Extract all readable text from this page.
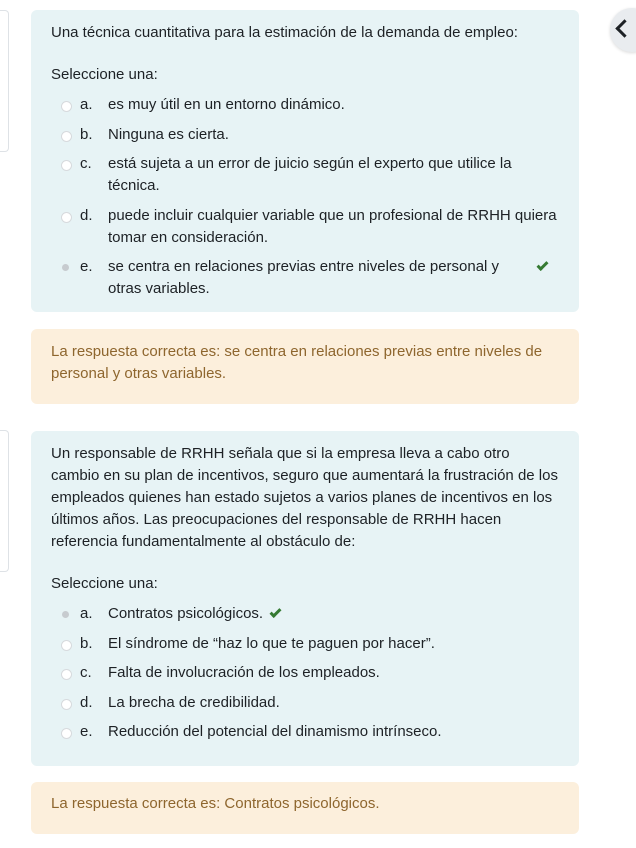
Una técnica cuantitativa para la estimación de la demanda de empleo:
Seleccione una:
a.	es muy útil en un entorno dinámico.
b.	Ninguna es cierta.
c.	está sujeta a un error de juicio según el experto que utilice la técnica.
d.	puede incluir cualquier variable que un profesional de RRHH quiera tomar en consideración.
e.	se centra en relaciones previas entre niveles de personal y otras variables.
La respuesta correcta es: se centra en relaciones previas entre niveles de personal y otras variables.
Un responsable de RRHH señala que si la empresa lleva a cabo otro cambio en su plan de incentivos, seguro que aumentará la frustración de los empleados quienes han estado sujetos a varios planes de incentivos en los últimos años. Las preocupaciones del responsable de RRHH hacen referencia fundamentalmente al obstáculo de:
Seleccione una:
a.	Contratos psicológicos.
b.	El síndrome de “haz lo que te paguen por hacer”.
c.	Falta de involucración de los empleados.
d.	La brecha de credibilidad.
e.	Reducción del potencial del dinamismo intrínseco.
La respuesta correcta es: Contratos psicológicos.
